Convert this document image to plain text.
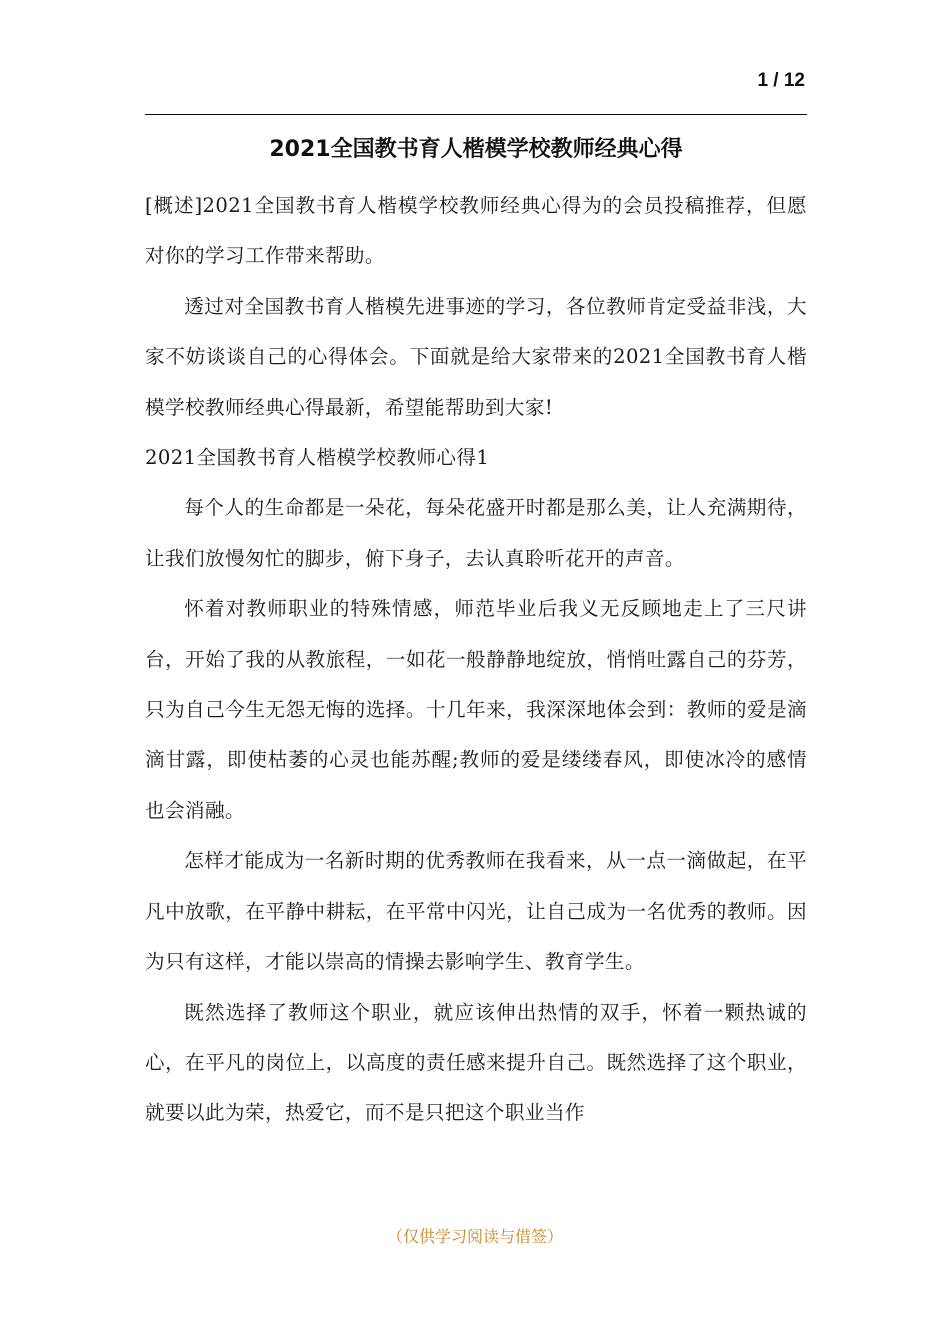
1 / 12
2021全国教书育人楷模学校教师经典心得

[概述]2021全国教书育人楷模学校教师经典心得为的会员投稿推荐，但愿对你的学习工作带来帮助。

透过对全国教书育人楷模先进事迹的学习，各位教师肯定受益非浅，大家不妨谈谈自己的心得体会。下面就是给大家带来的2021全国教书育人楷模学校教师经典心得最新，希望能帮助到大家!

2021全国教书育人楷模学校教师心得1

每个人的生命都是一朵花，每朵花盛开时都是那么美，让人充满期待，让我们放慢匆忙的脚步，俯下身子，去认真聆听花开的声音。

怀着对教师职业的特殊情感，师范毕业后我义无反顾地走上了三尺讲台，开始了我的从教旅程，一如花一般静静地绽放，悄悄吐露自己的芬芳，只为自己今生无怨无悔的选择。十几年来，我深深地体会到：教师的爱是滴滴甘露，即使枯萎的心灵也能苏醒;教师的爱是缕缕春风，即使冰冷的感情也会消融。

怎样才能成为一名新时期的优秀教师在我看来，从一点一滴做起，在平凡中放歌，在平静中耕耘，在平常中闪光，让自己成为一名优秀的教师。因为只有这样，才能以崇高的情操去影响学生、教育学生。

既然选择了教师这个职业，就应该伸出热情的双手，怀着一颗热诚的心，在平凡的岗位上，以高度的责任感来提升自己。既然选择了这个职业，就要以此为荣，热爱它，而不是只把这个职业当作

（仅供学习阅读与借签）
